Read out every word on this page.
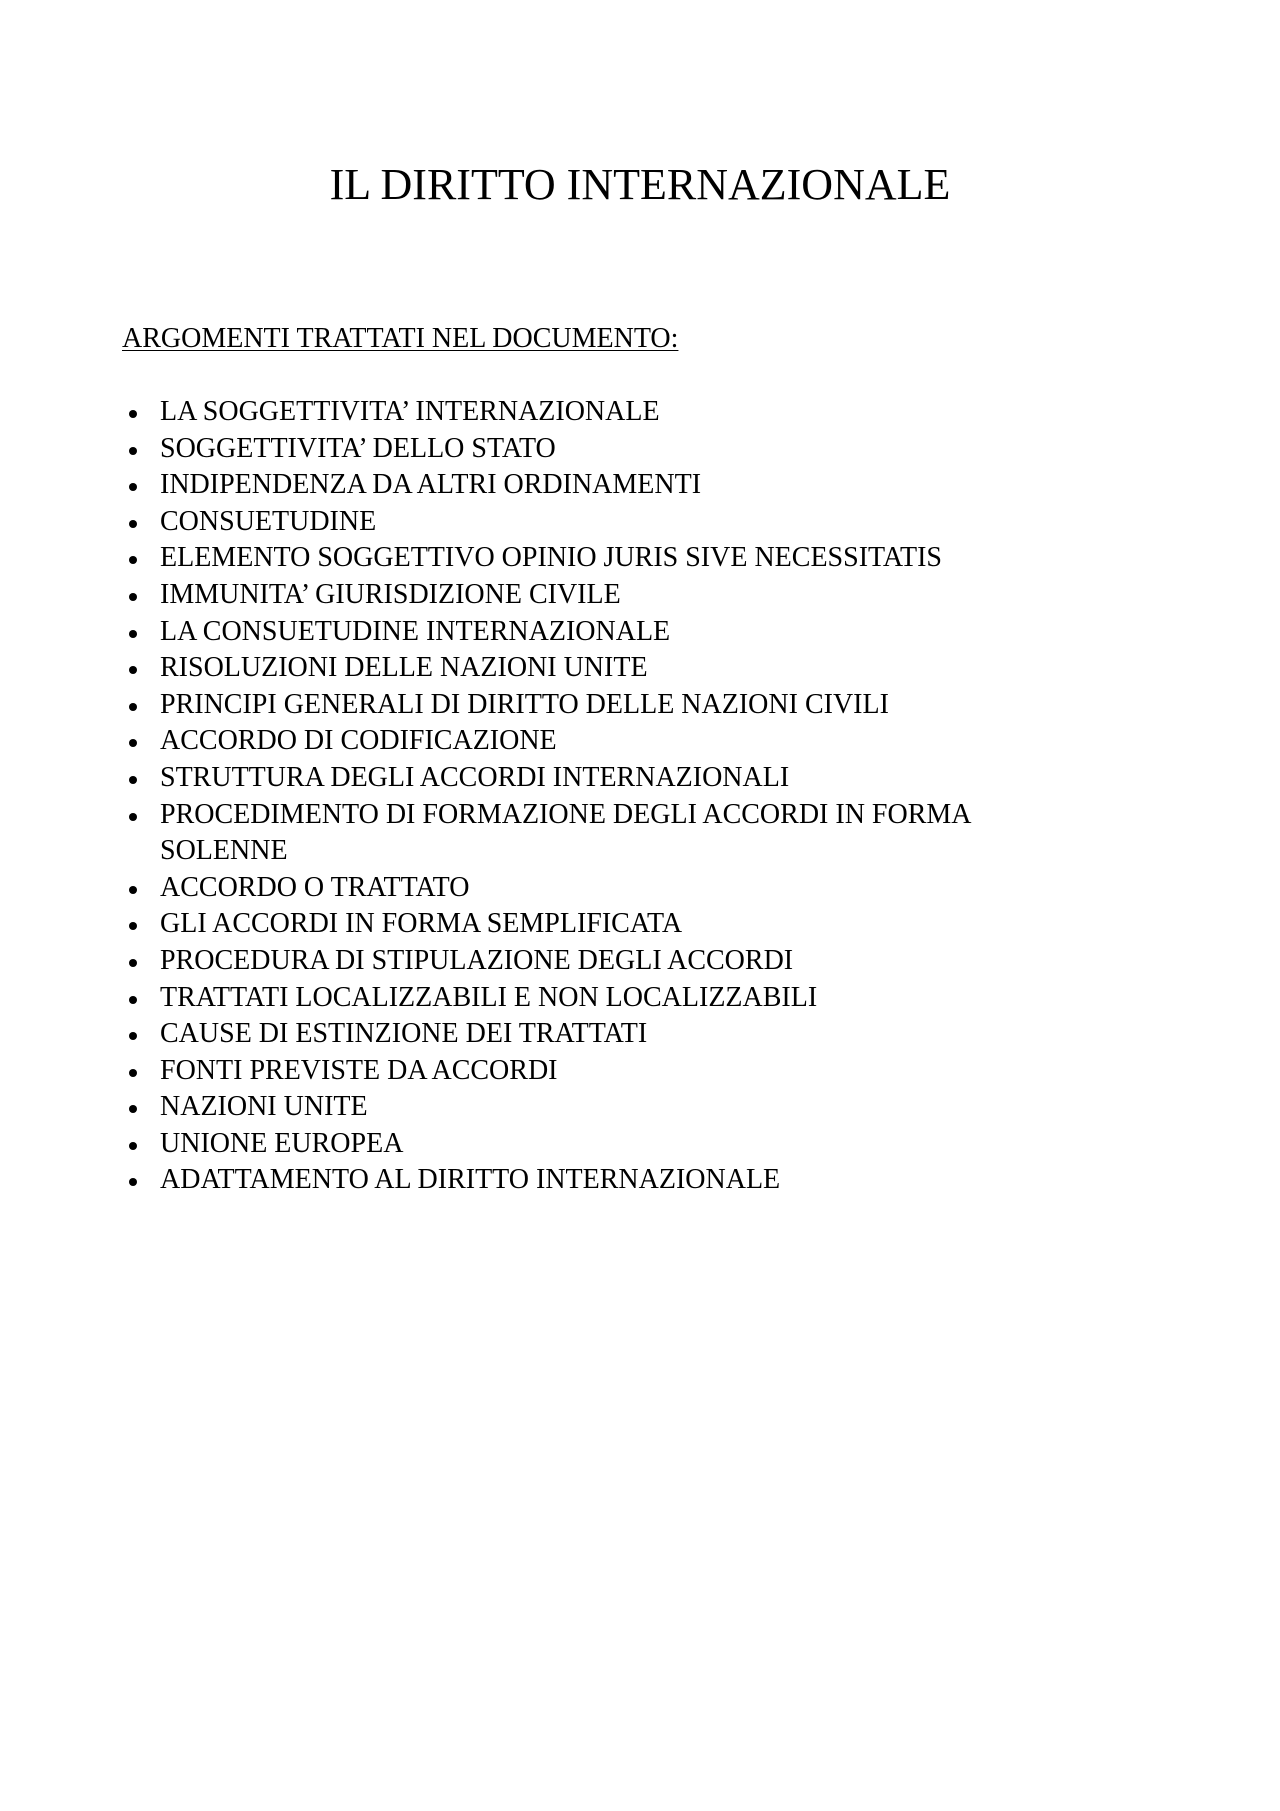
IL DIRITTO INTERNAZIONALE
ARGOMENTI TRATTATI NEL DOCUMENTO:
LA SOGGETTIVITA’ INTERNAZIONALE
SOGGETTIVITA’ DELLO STATO
INDIPENDENZA DA ALTRI ORDINAMENTI
CONSUETUDINE
ELEMENTO SOGGETTIVO OPINIO JURIS SIVE NECESSITATIS
IMMUNITA’ GIURISDIZIONE CIVILE
LA CONSUETUDINE INTERNAZIONALE
RISOLUZIONI DELLE NAZIONI UNITE
PRINCIPI GENERALI DI DIRITTO DELLE NAZIONI CIVILI
ACCORDO DI CODIFICAZIONE
STRUTTURA DEGLI ACCORDI INTERNAZIONALI
PROCEDIMENTO DI FORMAZIONE DEGLI ACCORDI IN FORMA SOLENNE
ACCORDO O TRATTATO
GLI ACCORDI IN FORMA SEMPLIFICATA
PROCEDURA DI STIPULAZIONE DEGLI ACCORDI
TRATTATI LOCALIZZABILI E NON LOCALIZZABILI
CAUSE DI ESTINZIONE DEI TRATTATI
FONTI PREVISTE DA ACCORDI
NAZIONI UNITE
UNIONE EUROPEA
ADATTAMENTO AL DIRITTO INTERNAZIONALE
